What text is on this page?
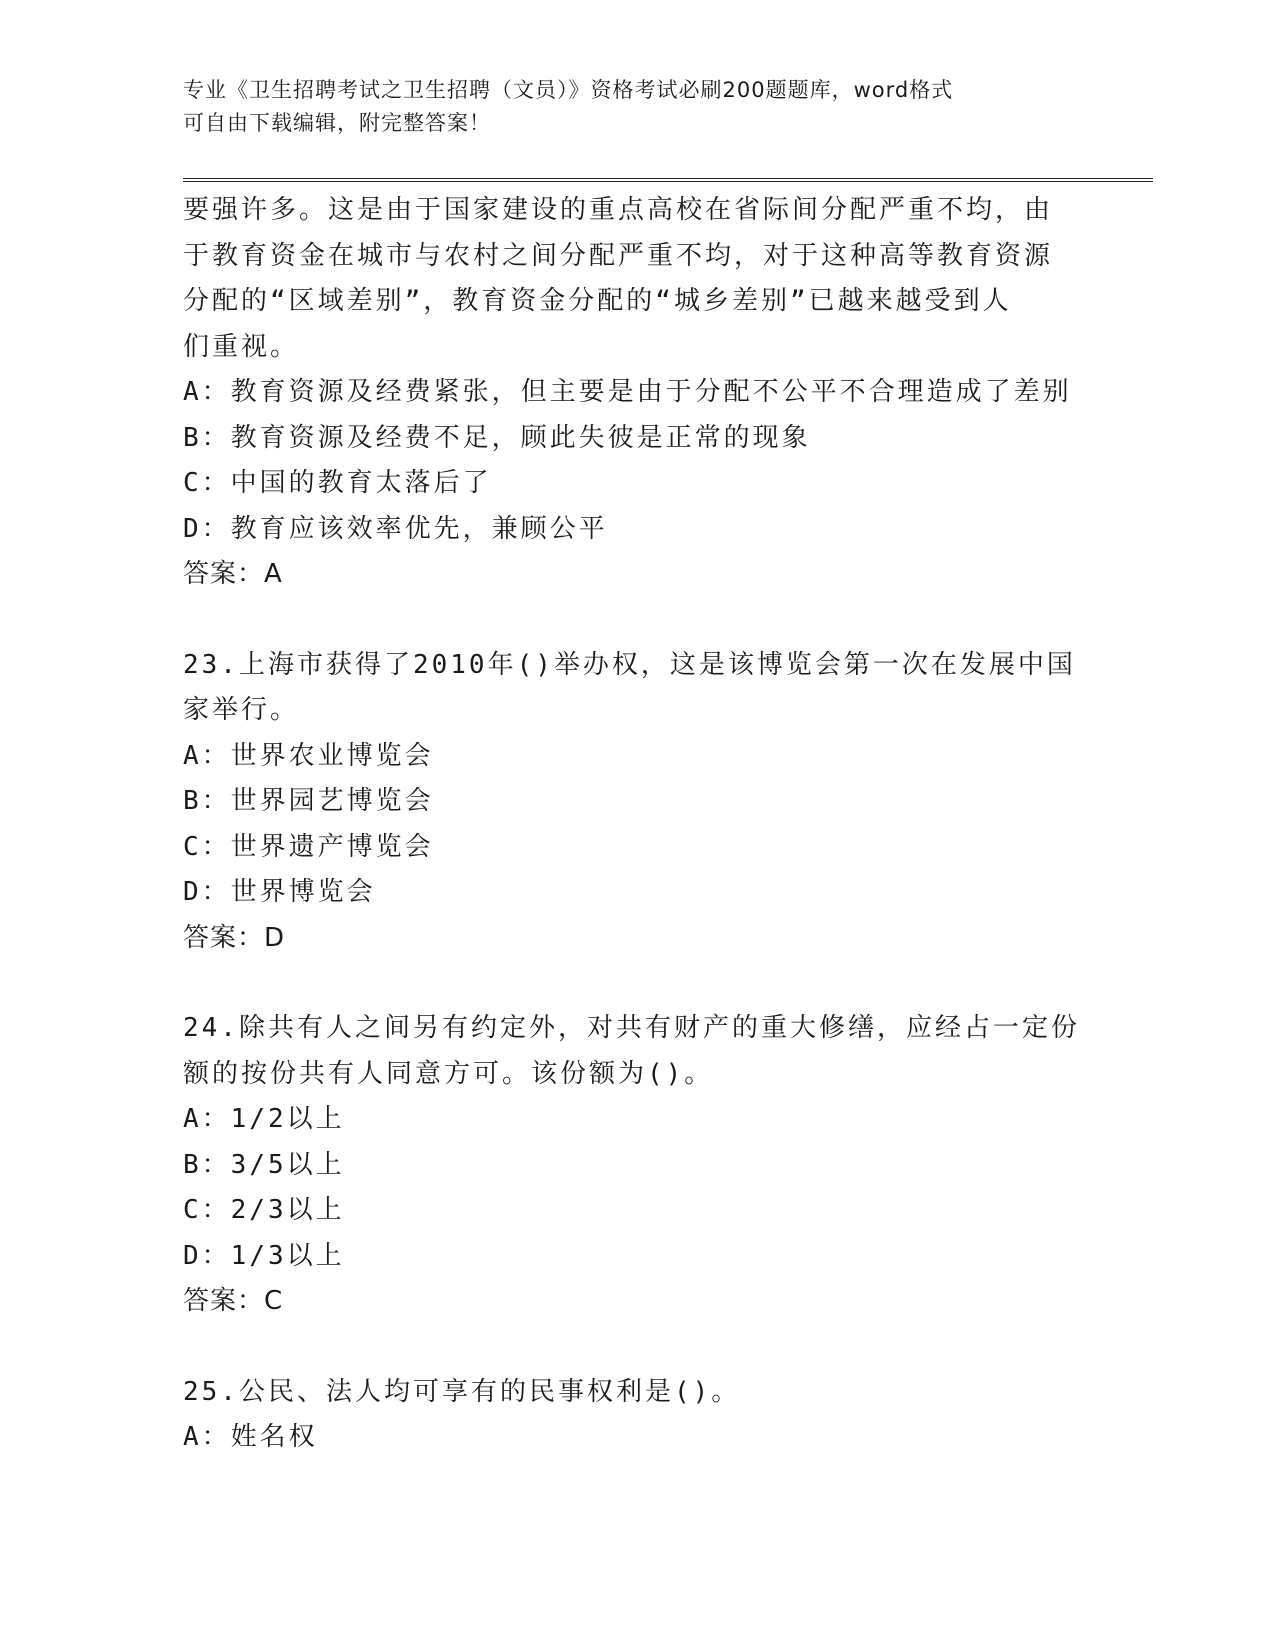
专业《卫生招聘考试之卫生招聘（文员）》资格考试必刷200题题库，word格式
可自由下载编辑，附完整答案！
要强许多。这是由于国家建设的重点高校在省际间分配严重不均，由
于教育资金在城市与农村之间分配严重不均，对于这种高等教育资源
分配的“区域差别”，教育资金分配的“城乡差别”已越来越受到人
们重视。
A：教育资源及经费紧张，但主要是由于分配不公平不合理造成了差别
B：教育资源及经费不足，顾此失彼是正常的现象
C：中国的教育太落后了
D：教育应该效率优先，兼顾公平
答案：A
23.上海市获得了2010年()举办权，这是该博览会第一次在发展中国
家举行。
A：世界农业博览会
B：世界园艺博览会
C：世界遗产博览会
D：世界博览会
答案：D
24.除共有人之间另有约定外，对共有财产的重大修缮，应经占一定份
额的按份共有人同意方可。该份额为()。
A：1/2以上
B：3/5以上
C：2/3以上
D：1/3以上
答案：C
25.公民、法人均可享有的民事权利是()。
A：姓名权
